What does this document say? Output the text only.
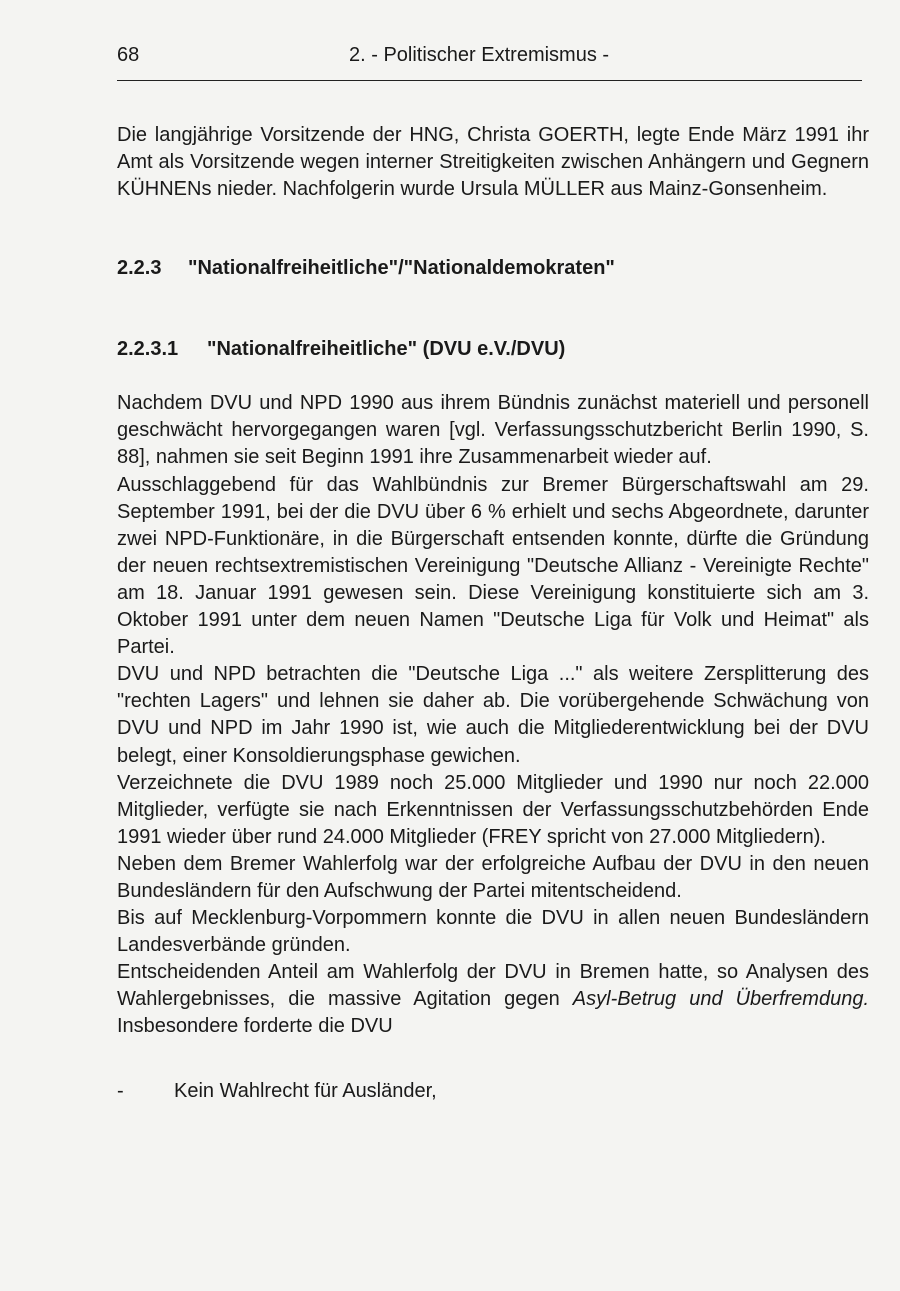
68	2. - Politischer Extremismus -

Die langjährige Vorsitzende der HNG, Christa GOERTH, legte Ende März 1991 ihr Amt als Vorsitzende wegen interner Streitigkeiten zwischen Anhängern und Gegnern KÜHNENs nieder. Nachfolgerin wurde Ursula MÜLLER aus Mainz-Gonsenheim.

2.2.3 "Nationalfreiheitliche"/"Nationaldemokraten"
2.2.3.1 "Nationalfreiheitliche" (DVU e.V./DVU)

Nachdem DVU und NPD 1990 aus ihrem Bündnis zunächst materiell und personell geschwächt hervorgegangen waren [vgl. Verfassungsschutzbericht Berlin 1990, S. 88], nahmen sie seit Beginn 1991 ihre Zusammenarbeit wieder auf.

Ausschlaggebend für das Wahlbündnis zur Bremer Bürgerschaftswahl am 29. September 1991, bei der die DVU über 6 % erhielt und sechs Abgeordnete, darunter zwei NPD-Funktionäre, in die Bürgerschaft entsenden konnte, dürfte die Gründung der neuen rechtsextremistischen Vereinigung "Deutsche Allianz - Vereinigte Rechte" am 18. Januar 1991 gewesen sein. Diese Vereinigung konstituierte sich am 3. Oktober 1991 unter dem neuen Namen "Deutsche Liga für Volk und Heimat" als Partei.

DVU und NPD betrachten die "Deutsche Liga ..." als weitere Zersplitterung des "rechten Lagers" und lehnen sie daher ab. Die vorübergehende Schwächung von DVU und NPD im Jahr 1990 ist, wie auch die Mitgliederentwicklung bei der DVU belegt, einer Konsoldierungsphase gewichen.

Verzeichnete die DVU 1989 noch 25.000 Mitglieder und 1990 nur noch 22.000 Mitglieder, verfügte sie nach Erkenntnissen der Verfassungsschutzbehörden Ende 1991 wieder über rund 24.000 Mitglieder (FREY spricht von 27.000 Mitgliedern).

Neben dem Bremer Wahlerfolg war der erfolgreiche Aufbau der DVU in den neuen Bundesländern für den Aufschwung der Partei mitentscheidend.

Bis auf Mecklenburg-Vorpommern konnte die DVU in allen neuen Bundesländern Landesverbände gründen.

Entscheidenden Anteil am Wahlerfolg der DVU in Bremen hatte, so Analysen des Wahlergebnisses, die massive Agitation gegen Asyl-Betrug und Überfremdung. Insbesondere forderte die DVU

-	Kein Wahlrecht für Ausländer,
